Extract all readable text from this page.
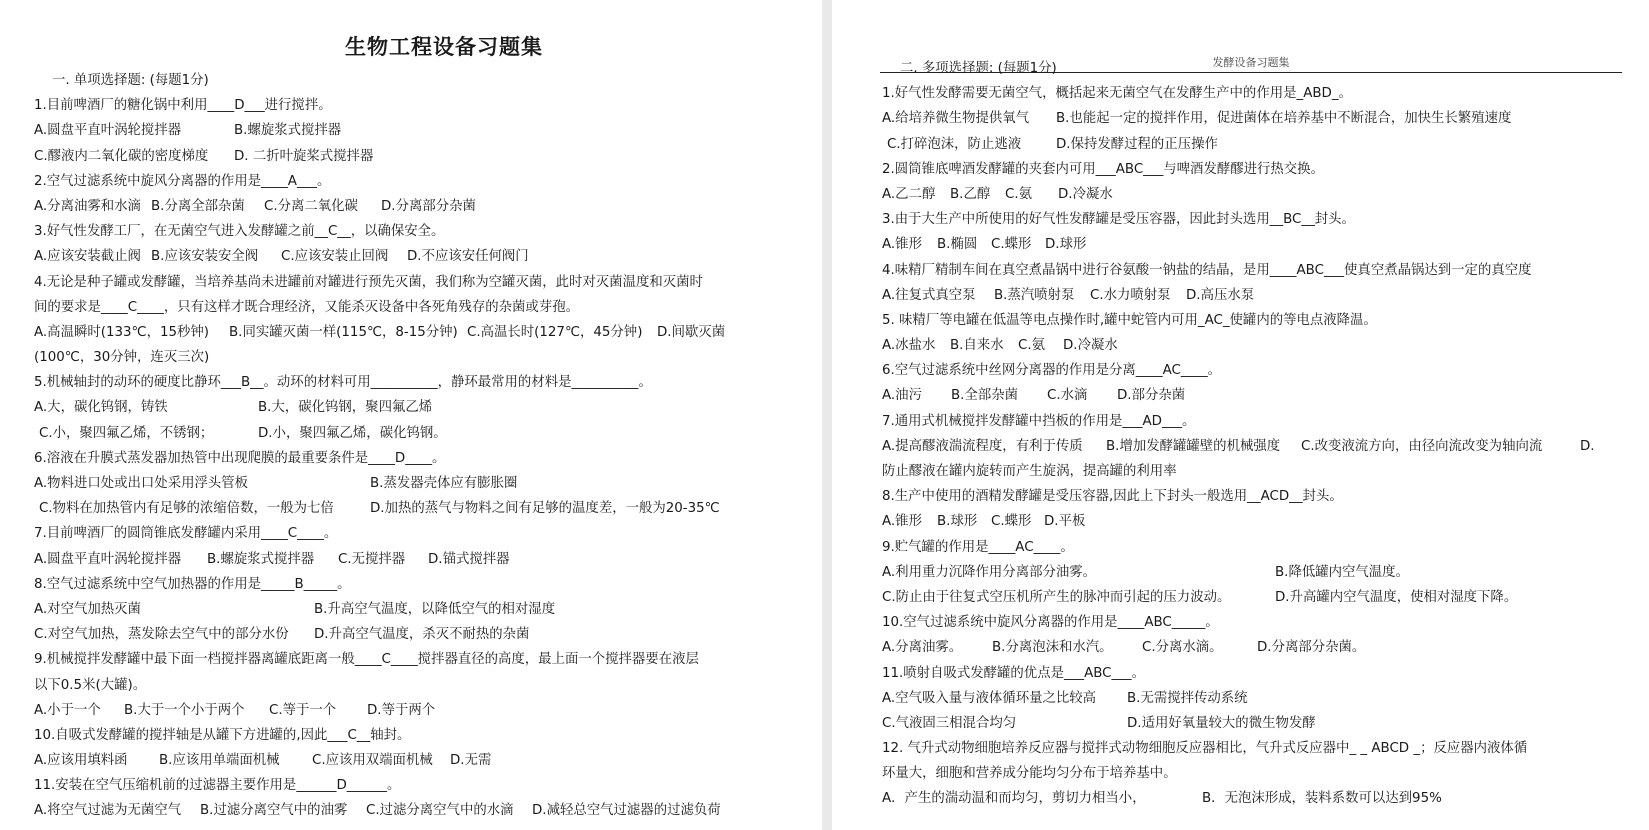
生物工程设备习题集
一. 单项选择题: (每题1分)
1.目前啤酒厂的糖化锅中利用____D___进行搅拌。
A.圆盘平直叶涡轮搅拌器	B.螺旋浆式搅拌器
C.醪液内二氧化碳的密度梯度 D. 二折叶旋桨式搅拌器
2.空气过滤系统中旋风分离器的作用是____A___。
A.分离油雾和水滴 B.分离全部杂菌 C.分离二氧化碳 D.分离部分杂菌
3.好气性发酵工厂，在无菌空气进入发酵罐之前__C__，以确保安全。
A.应该安装截止阀 B.应该安装安全阀 C.应该安装止回阀 D.不应该安任何阀门
4.无论是种子罐或发酵罐，当培养基尚未进罐前对罐进行预先灭菌，我们称为空罐灭菌，此时对灭菌温度和灭菌时
间的要求是____C____，只有这样才既合理经济，又能杀灭设备中各死角残存的杂菌或芽孢。
A.高温瞬时(133℃，15秒钟) B.同实罐灭菌一样(115℃，8-15分钟) C.高温长时(127℃，45分钟) D.间歇灭菌
(100℃，30分钟，连灭三次)
5.机械轴封的动环的硬度比静环___B__。动环的材料可用__________，静环最常用的材料是__________。
A.大，碳化钨钢，铸铁	B.大，碳化钨钢，聚四氟乙烯
C.小，聚四氟乙烯，不锈钢；	D.小，聚四氟乙烯，碳化钨钢。
6.溶液在升膜式蒸发器加热管中出现爬膜的最重要条件是____D____。
A.物料进口处或出口处采用浮头管板	B.蒸发器壳体应有膨胀圈
C.物料在加热管内有足够的浓缩倍数，一般为七倍	D.加热的蒸气与物料之间有足够的温度差，一般为20-35℃
7.目前啤酒厂的圆筒锥底发酵罐内采用____C____。
A.圆盘平直叶涡轮搅拌器 B.螺旋浆式搅拌器 C.无搅拌器 D.锚式搅拌器
8.空气过滤系统中空气加热器的作用是_____B_____。
A.对空气加热灭菌	B.升高空气温度，以降低空气的相对湿度
C.对空气加热，蒸发除去空气中的部分水份 D.升高空气温度，杀灭不耐热的杂菌
9.机械搅拌发酵罐中最下面一档搅拌器离罐底距离一般____C____搅拌器直径的高度，最上面一个搅拌器要在液层
以下0.5米(大罐)。
A.小于一个 B.大于一个小于两个 C.等于一个 D.等于两个
10.自吸式发酵罐的搅拌轴是从罐下方进罐的,因此___C__轴封。
A.应该用填料函 B.应该用单端面机械 C.应该用双端面机械 D.无需
11.安装在空气压缩机前的过滤器主要作用是______D______。
A.将空气过滤为无菌空气 B.过滤分离空气中的油雾 C.过滤分离空气中的水滴 D.减轻总空气过滤器的过滤负荷
发酵设备习题集
二. 多项选择题: (每题1分)
1.好气性发酵需要无菌空气，概括起来无菌空气在发酵生产中的作用是_ABD_。
A.给培养微生物提供氧气 B.也能起一定的搅拌作用，促进菌体在培养基中不断混合，加快生长繁殖速度
C.打碎泡沫，防止逃液	D.保持发酵过程的正压操作
2.圆筒锥底啤酒发酵罐的夹套内可用___ABC___与啤酒发酵醪进行热交换。
A.乙二醇 B.乙醇 C.氨 D.冷凝水
3.由于大生产中所使用的好气性发酵罐是受压容器，因此封头选用__BC__封头。
A.锥形 B.椭圆 C.蝶形 D.球形
4.味精厂精制车间在真空煮晶锅中进行谷氨酸一钠盐的结晶，是用____ABC___使真空煮晶锅达到一定的真空度
A.往复式真空泵 B.蒸汽喷射泵 C.水力喷射泵 D.高压水泵
5. 味精厂等电罐在低温等电点操作时,罐中蛇管内可用_AC_使罐内的等电点液降温。
A.冰盐水 B.自来水 C.氨 D.冷凝水
6.空气过滤系统中丝网分离器的作用是分离____AC____。
A.油污 B.全部杂菌 C.水滴 D.部分杂菌
7.通用式机械搅拌发酵罐中挡板的作用是___AD___。
A.提高醪液湍流程度，有利于传质 B.增加发酵罐罐壁的机械强度 C.改变液流方向，由径向流改变为轴向流	D.
防止醪液在罐内旋转而产生旋涡，提高罐的利用率
8.生产中使用的酒精发酵罐是受压容器,因此上下封头一般选用__ACD__封头。
A.锥形 B.球形 C.蝶形 D.平板
9.贮气罐的作用是____AC____。
A.利用重力沉降作用分离部分油雾。	B.降低罐内空气温度。
C.防止由于往复式空压机所产生的脉冲而引起的压力波动。	D.升高罐内空气温度，使相对湿度下降。
10.空气过滤系统中旋风分离器的作用是____ABC_____。
A.分离油雾。 B.分离泡沫和水汽。 C.分离水滴。	D.分离部分杂菌。
11.喷射自吸式发酵罐的优点是___ABC___。
A.空气吸入量与液体循环量之比较高 B.无需搅拌传动系统
C.气液固三相混合均匀	D.适用好氧量较大的微生物发酵
12. 气升式动物细胞培养反应器与搅拌式动物细胞反应器相比，气升式反应器中_ _ ABCD _；反应器内液体循
环量大，细胞和营养成分能均匀分布于培养基中。
A．产生的湍动温和而均匀，剪切力相当小，	B．无泡沫形成，装料系数可以达到95%
